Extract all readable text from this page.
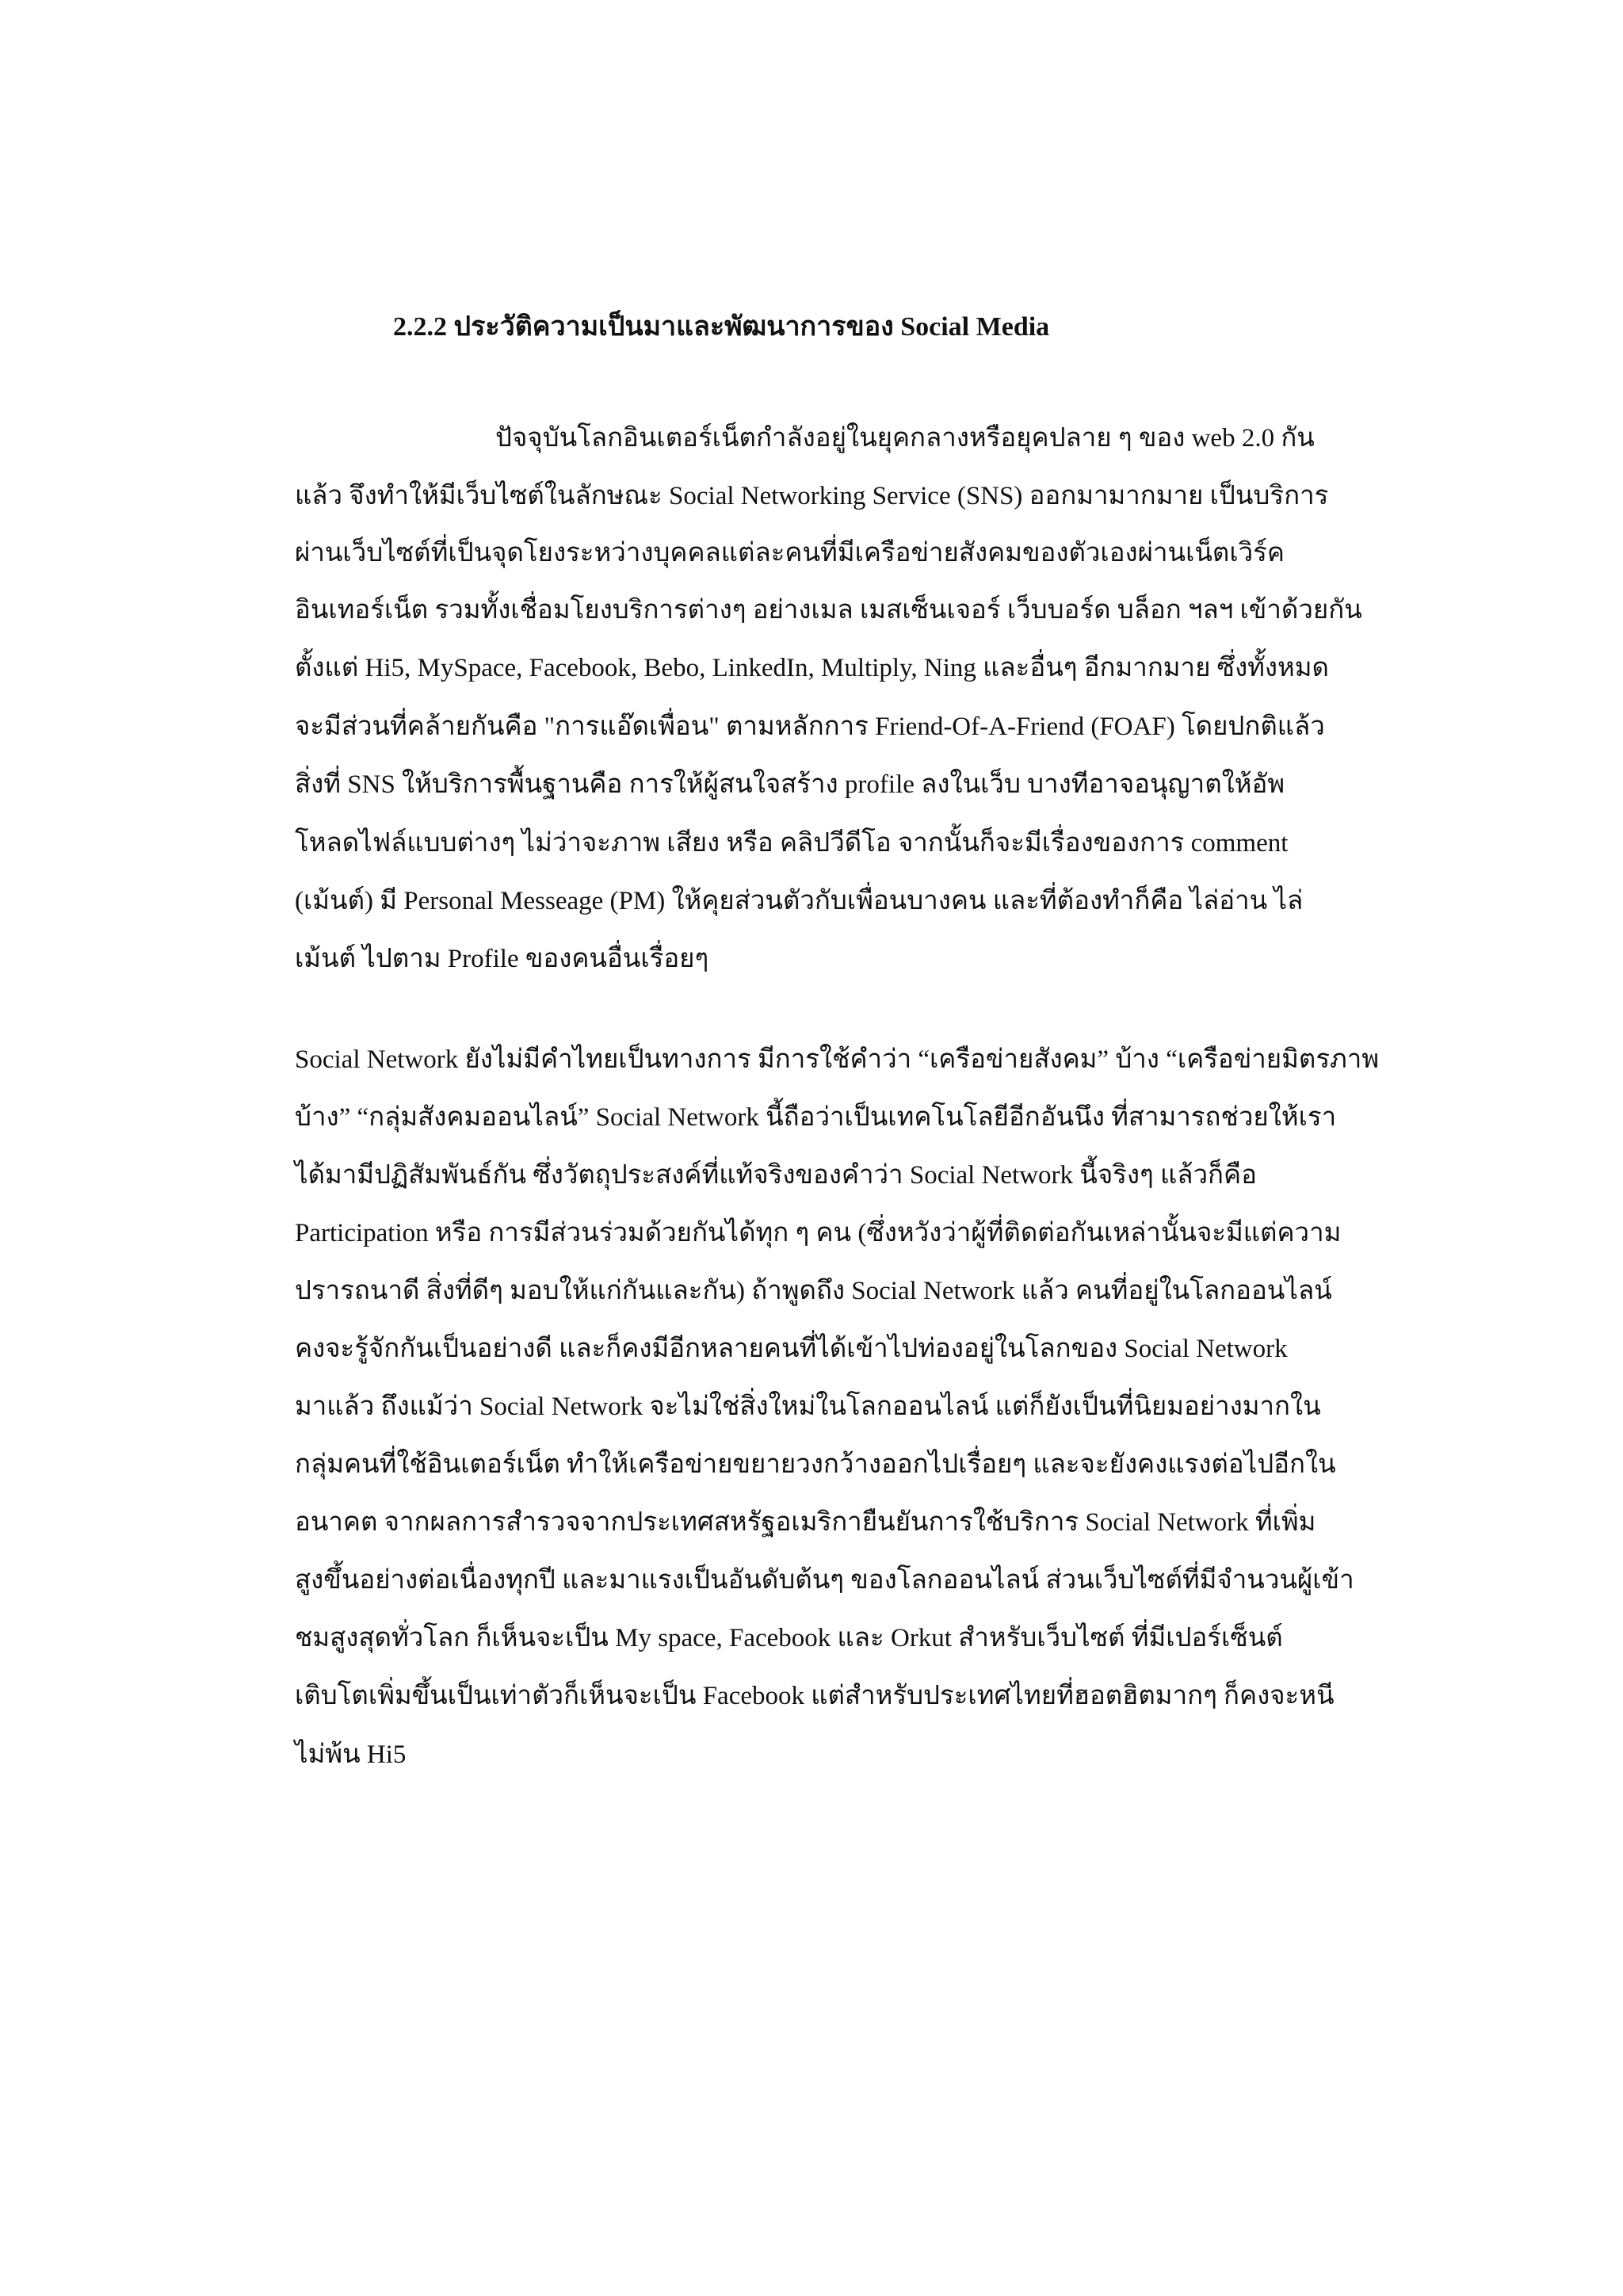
2.2.2 ประวัติความเป็นมาและพัฒนาการของ Social Media
ปัจจุบันโลกอินเตอร์เน็ตกำลังอยู่ในยุคกลางหรือยุคปลาย ๆ ของ web 2.0 กัน
แล้ว จึงทำให้มีเว็บไซต์ในลักษณะ Social Networking Service (SNS) ออกมามากมาย เป็นบริการ
ผ่านเว็บไซต์ที่เป็นจุดโยงระหว่างบุคคลแต่ละคนที่มีเครือข่ายสังคมของตัวเองผ่านเน็ตเวิร์ค
อินเทอร์เน็ต รวมทั้งเชื่อมโยงบริการต่างๆ อย่างเมล เมสเซ็นเจอร์ เว็บบอร์ด บล็อก ฯลฯ เข้าด้วยกัน
ตั้งแต่ Hi5, MySpace, Facebook, Bebo, LinkedIn, Multiply, Ning และอื่นๆ อีกมากมาย ซึ่งทั้งหมด
จะมีส่วนที่คล้ายกันคือ "การแอ๊ดเพื่อน" ตามหลักการ Friend-Of-A-Friend (FOAF) โดยปกติแล้ว
สิ่งที่ SNS ให้บริการพื้นฐานคือ การให้ผู้สนใจสร้าง profile ลงในเว็บ บางทีอาจอนุญาตให้อัพ
โหลดไฟล์แบบต่างๆ ไม่ว่าจะภาพ เสียง หรือ คลิปวีดีโอ จากนั้นก็จะมีเรื่องของการ comment
(เม้นต์) มี Personal Messeage (PM) ให้คุยส่วนตัวกับเพื่อนบางคน และที่ต้องทำก็คือ ไล่อ่าน ไล่
เม้นต์ ไปตาม Profile ของคนอื่นเรื่อยๆ
Social Network ยังไม่มีคำไทยเป็นทางการ มีการใช้คำว่า “เครือข่ายสังคม” บ้าง “เครือข่ายมิตรภาพ
บ้าง” “กลุ่มสังคมออนไลน์” Social Network นี้ถือว่าเป็นเทคโนโลยีอีกอันนึง ที่สามารถช่วยให้เรา
ได้มามีปฏิสัมพันธ์กัน ซึ่งวัตถุประสงค์ที่แท้จริงของคำว่า Social Network นี้จริงๆ แล้วก็คือ
Participation หรือ การมีส่วนร่วมด้วยกันได้ทุก ๆ คน (ซึ่งหวังว่าผู้ที่ติดต่อกันเหล่านั้นจะมีแต่ความ
ปรารถนาดี สิ่งที่ดีๆ มอบให้แก่กันและกัน) ถ้าพูดถึง Social Network แล้ว คนที่อยู่ในโลกออนไลน์
คงจะรู้จักกันเป็นอย่างดี และก็คงมีอีกหลายคนที่ได้เข้าไปท่องอยู่ในโลกของ Social Network
มาแล้ว ถึงแม้ว่า Social Network จะไม่ใช่สิ่งใหม่ในโลกออนไลน์ แต่ก็ยังเป็นที่นิยมอย่างมากใน
กลุ่มคนที่ใช้อินเตอร์เน็ต ทำให้เครือข่ายขยายวงกว้างออกไปเรื่อยๆ และจะยังคงแรงต่อไปอีกใน
อนาคต จากผลการสำรวจจากประเทศสหรัฐอเมริกายืนยันการใช้บริการ Social Network ที่เพิ่ม
สูงขึ้นอย่างต่อเนื่องทุกปี และมาแรงเป็นอันดับต้นๆ ของโลกออนไลน์ ส่วนเว็บไซต์ที่มีจำนวนผู้เข้า
ชมสูงสุดทั่วโลก ก็เห็นจะเป็น My space, Facebook และ Orkut สำหรับเว็บไซต์ ที่มีเปอร์เซ็นต์
เติบโตเพิ่มขึ้นเป็นเท่าตัวก็เห็นจะเป็น Facebook แต่สำหรับประเทศไทยที่ฮอตฮิตมากๆ ก็คงจะหนี
ไม่พ้น Hi5
